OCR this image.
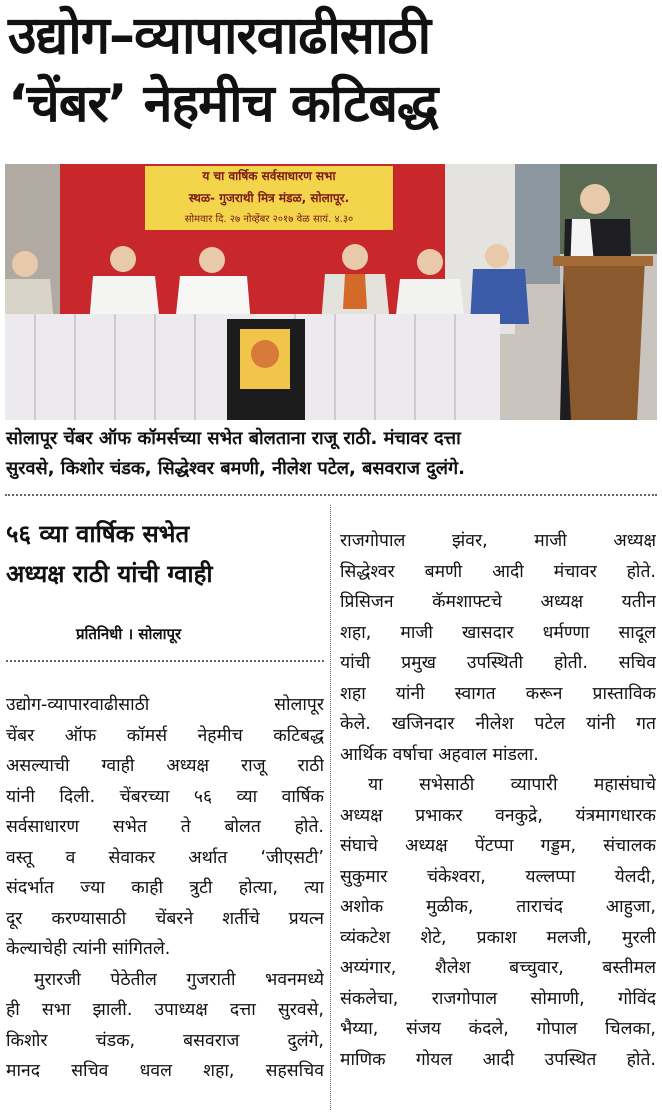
उद्योग–व्यापारवाढीसाठी
‘चेंबर’ नेहमीच कटिबद्ध
‍य चा वार्षिक सर्वसाधारण सभा
स्थळ- गुजराथी मित्र मंडळ, सोलापूर.
सोमवार दि. २७ नोव्हेंबर २०१७ वेळ सायं. ४.३०

सोलापूर चेंबर ऑफ कॉमर्सच्या सभेत बोलताना राजू राठी. मंचावर दत्ता
सुरवसे, किशोर चंडक, सिद्धेश्वर बमणी, नीलेश पटेल, बसवराज दुलंगे.

५६ व्या वार्षिक सभेत
अध्यक्ष राठी यांची ग्वाही

प्रतिनिधी । सोलापूर

उद्योग-व्यापारवाढीसाठी सोलापूर
चेंबर ऑफ कॉमर्स नेहमीच कटिबद्ध
असल्याची ग्वाही अध्यक्ष राजू राठी
यांनी दिली. चेंबरच्या ५६ व्या वार्षिक
सर्वसाधारण सभेत ते बोलत होते.
वस्तू व सेवाकर अर्थात ‘जीएसटी’
संदर्भात ज्या काही त्रुटी होत्या, त्या
दूर करण्यासाठी चेंबरने शर्तीचे प्रयत्न
केल्याचेही त्यांनी सांगितले.
मुरारजी पेठेतील गुजराती भवनमध्ये
ही सभा झाली. उपाध्यक्ष दत्ता सुरवसे,
किशोर चंडक, बसवराज दुलंगे,
मानद सचिव धवल शहा, सहसचिव
राजगोपाल झंवर, माजी अध्यक्ष
सिद्धेश्वर बमणी आदी मंचावर होते.
प्रिसिजन कॅमशाफ्टचे अध्यक्ष यतीन
शहा, माजी खासदार धर्मण्णा सादूल
यांची प्रमुख उपस्थिती होती. सचिव
शहा यांनी स्वागत करून प्रास्ताविक
केले. खजिनदार नीलेश पटेल यांनी गत
आर्थिक वर्षाचा अहवाल मांडला.
या सभेसाठी व्यापारी महासंघाचे
अध्यक्ष प्रभाकर वनकुद्रे, यंत्रमागधारक
संघाचे अध्यक्ष पेंटप्पा गड्डम, संचालक
सुकुमार चंकेश्वरा, यल्लप्पा येलदी,
अशोक मुळीक, ताराचंद आहुजा,
व्यंकटेश शेटे, प्रकाश मलजी, मुरली
अय्यंगार, शैलेश बच्चुवार, बस्तीमल
संकलेचा, राजगोपाल सोमाणी, गोविंद
भैय्या, संजय कंदले, गोपाल चिलका,
माणिक गोयल आदी उपस्थित होते.
